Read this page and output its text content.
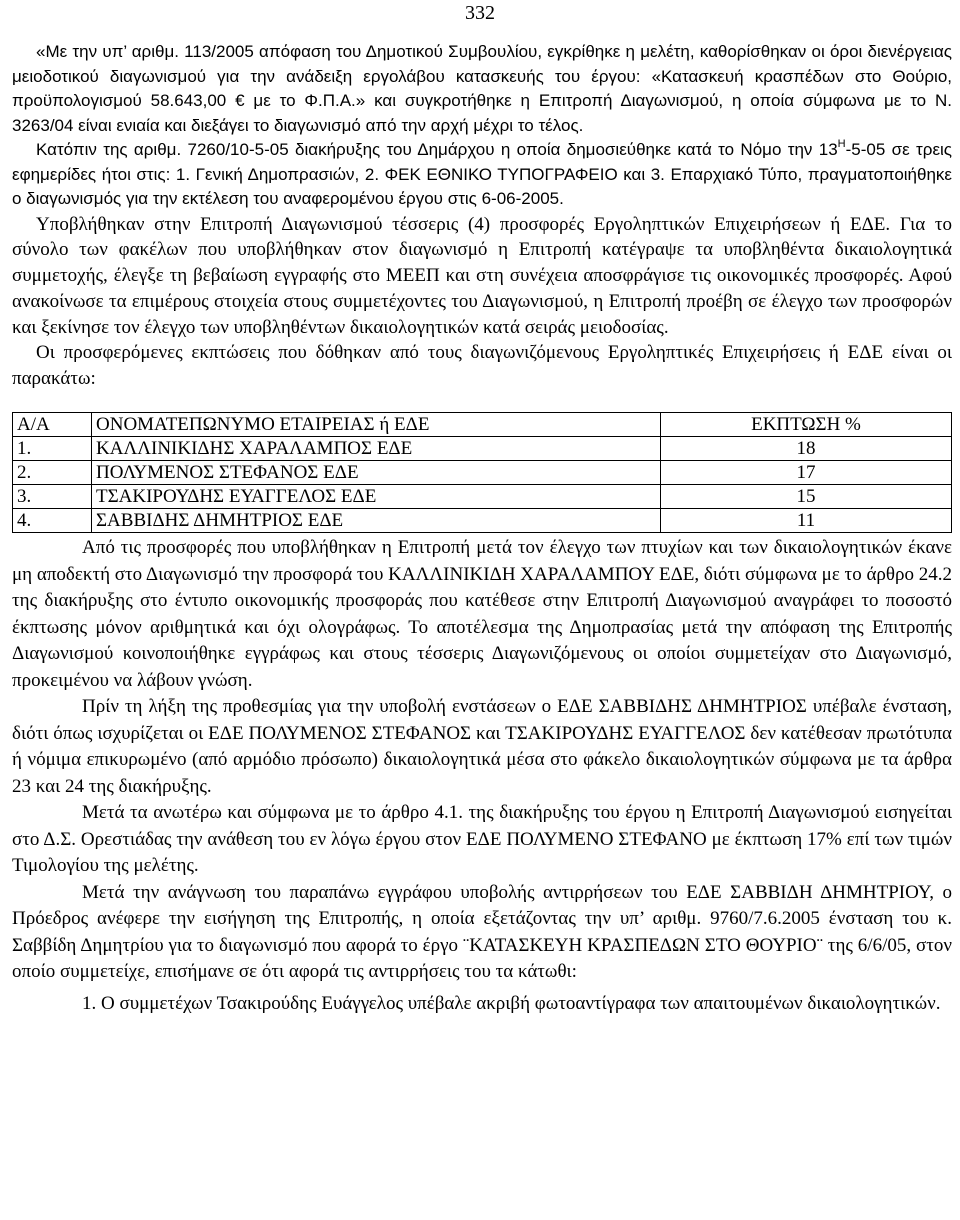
332

«Με την υπ’ αριθμ. 113/2005 απόφαση του Δημοτικού Συμβουλίου, εγκρίθηκε η μελέτη, καθορίσθηκαν οι όροι διενέργειας μειοδοτικού διαγωνισμού για την ανάδειξη εργολάβου κατασκευής του έργου: «Κατασκευή κρασπέδων στο Θούριο, προϋπολογισμού 58.643,00 € με το Φ.Π.Α.» και συγκροτήθηκε η Επιτροπή Διαγωνισμού, η οποία σύμφωνα με το Ν. 3263/04 είναι ενιαία και διεξάγει το διαγωνισμό από την αρχή μέχρι το τέλος.

Κατόπιν της αριθμ. 7260/10-5-05 διακήρυξης του Δημάρχου η οποία δημοσιεύθηκε κατά το Νόμο την $13^H-5-05$ σε τρεις εφημερίδες ήτοι στις: 1. Γενική Δημοπρασιών, 2. ΦΕΚ ΕΘΝΙΚΟ ΤΥΠΟΓΡΑΦΕΙΟ και 3. Επαρχιακό Τύπο, πραγματοποιήθηκε ο διαγωνισμός για την εκτέλεση του αναφερομένου έργου στις 6-06-2005.

Υποβλήθηκαν στην Επιτροπή Διαγωνισμού τέσσερις (4) προσφορές Εργοληπτικών Επιχειρήσεων ή ΕΔΕ. Για το σύνολο των φακέλων που υποβλήθηκαν στον διαγωνισμό η Επιτροπή κατέγραψε τα υποβληθέντα δικαιολογητικά συμμετοχής, έλεγξε τη βεβαίωση εγγραφής στο ΜΕΕΠ και στη συνέχεια αποσφράγισε τις οικονομικές προσφορές. Αφού ανακοίνωσε τα επιμέρους στοιχεία στους συμμετέχοντες του Διαγωνισμού, η Επιτροπή προέβη σε έλεγχο των προσφορών και ξεκίνησε τον έλεγχο των υποβληθέντων δικαιολογητικών κατά σειράς μειοδοσίας.

Οι προσφερόμενες εκπτώσεις που δόθηκαν από τους διαγωνιζόμενους Εργοληπτικές Επιχειρήσεις ή ΕΔΕ είναι οι παρακάτω:

Α/Α	ΟΝΟΜΑΤΕΠΩΝΥΜΟ ΕΤΑΙΡΕΙΑΣ ή ΕΔΕ	ΕΚΠΤΩΣΗ %
1.	ΚΑΛΛΙΝΙΚΙΔΗΣ ΧΑΡΑΛΑΜΠΟΣ ΕΔΕ	18
2.	ΠΟΛΥΜΕΝΟΣ ΣΤΕΦΑΝΟΣ ΕΔΕ	17
3.	ΤΣΑΚΙΡΟΥΔΗΣ ΕΥΑΓΓΕΛΟΣ ΕΔΕ	15
4.	ΣΑΒΒΙΔΗΣ ΔΗΜΗΤΡΙΟΣ ΕΔΕ	11

Από τις προσφορές που υποβλήθηκαν η Επιτροπή μετά τον έλεγχο των πτυχίων και των δικαιολογητικών έκανε μη αποδεκτή στο Διαγωνισμό την προσφορά του ΚΑΛΛΙΝΙΚΙΔΗ ΧΑΡΑΛΑΜΠΟΥ ΕΔΕ, διότι σύμφωνα με το άρθρο 24.2 της διακήρυξης στο έντυπο οικονομικής προσφοράς που κατέθεσε στην Επιτροπή Διαγωνισμού αναγράφει το ποσοστό έκπτωσης μόνον αριθμητικά και όχι ολογράφως. Το αποτέλεσμα της Δημοπρασίας μετά την απόφαση της Επιτροπής Διαγωνισμού κοινοποιήθηκε εγγράφως και στους τέσσερις Διαγωνιζόμενους οι οποίοι συμμετείχαν στο Διαγωνισμό, προκειμένου να λάβουν γνώση.

Πρίν τη λήξη της προθεσμίας για την υποβολή ενστάσεων ο ΕΔΕ ΣΑΒΒΙΔΗΣ ΔΗΜΗΤΡΙΟΣ υπέβαλε ένσταση, διότι όπως ισχυρίζεται οι ΕΔΕ ΠΟΛΥΜΕΝΟΣ ΣΤΕΦΑΝΟΣ και ΤΣΑΚΙΡΟΥΔΗΣ ΕΥΑΓΓΕΛΟΣ δεν κατέθεσαν πρωτότυπα ή νόμιμα επικυρωμένο (από αρμόδιο πρόσωπο) δικαιολογητικά μέσα στο φάκελο δικαιολογητικών σύμφωνα με τα άρθρα 23 και 24 της διακήρυξης.

Μετά τα ανωτέρω και σύμφωνα με το άρθρο 4.1. της διακήρυξης του έργου η Επιτροπή Διαγωνισμού εισηγείται στο Δ.Σ. Ορεστιάδας την ανάθεση του εν λόγω έργου στον ΕΔΕ ΠΟΛΥΜΕΝΟ ΣΤΕΦΑΝΟ με έκπτωση 17% επί των τιμών Τιμολογίου της μελέτης.

Μετά την ανάγνωση του παραπάνω εγγράφου υποβολής αντιρρήσεων του ΕΔΕ ΣΑΒΒΙΔΗ ΔΗΜΗΤΡΙΟΥ, ο Πρόεδρος ανέφερε την εισήγηση της Επιτροπής, η οποία εξετάζοντας την υπ’ αριθμ. 9760/7.6.2005 ένσταση του κ. Σαββίδη Δημητρίου για το διαγωνισμό που αφορά το έργο ¨ΚΑΤΑΣΚΕΥΗ ΚΡΑΣΠΕΔΩΝ ΣΤΟ ΘΟΥΡΙΟ¨ της 6/6/05, στον οποίο συμμετείχε, επισήμανε σε ότι αφορά τις αντιρρήσεις του τα κάτωθι:

1. Ο συμμετέχων Τσακιρούδης Ευάγγελος υπέβαλε ακριβή φωτοαντίγραφα των απαιτουμένων δικαιολογητικών.
